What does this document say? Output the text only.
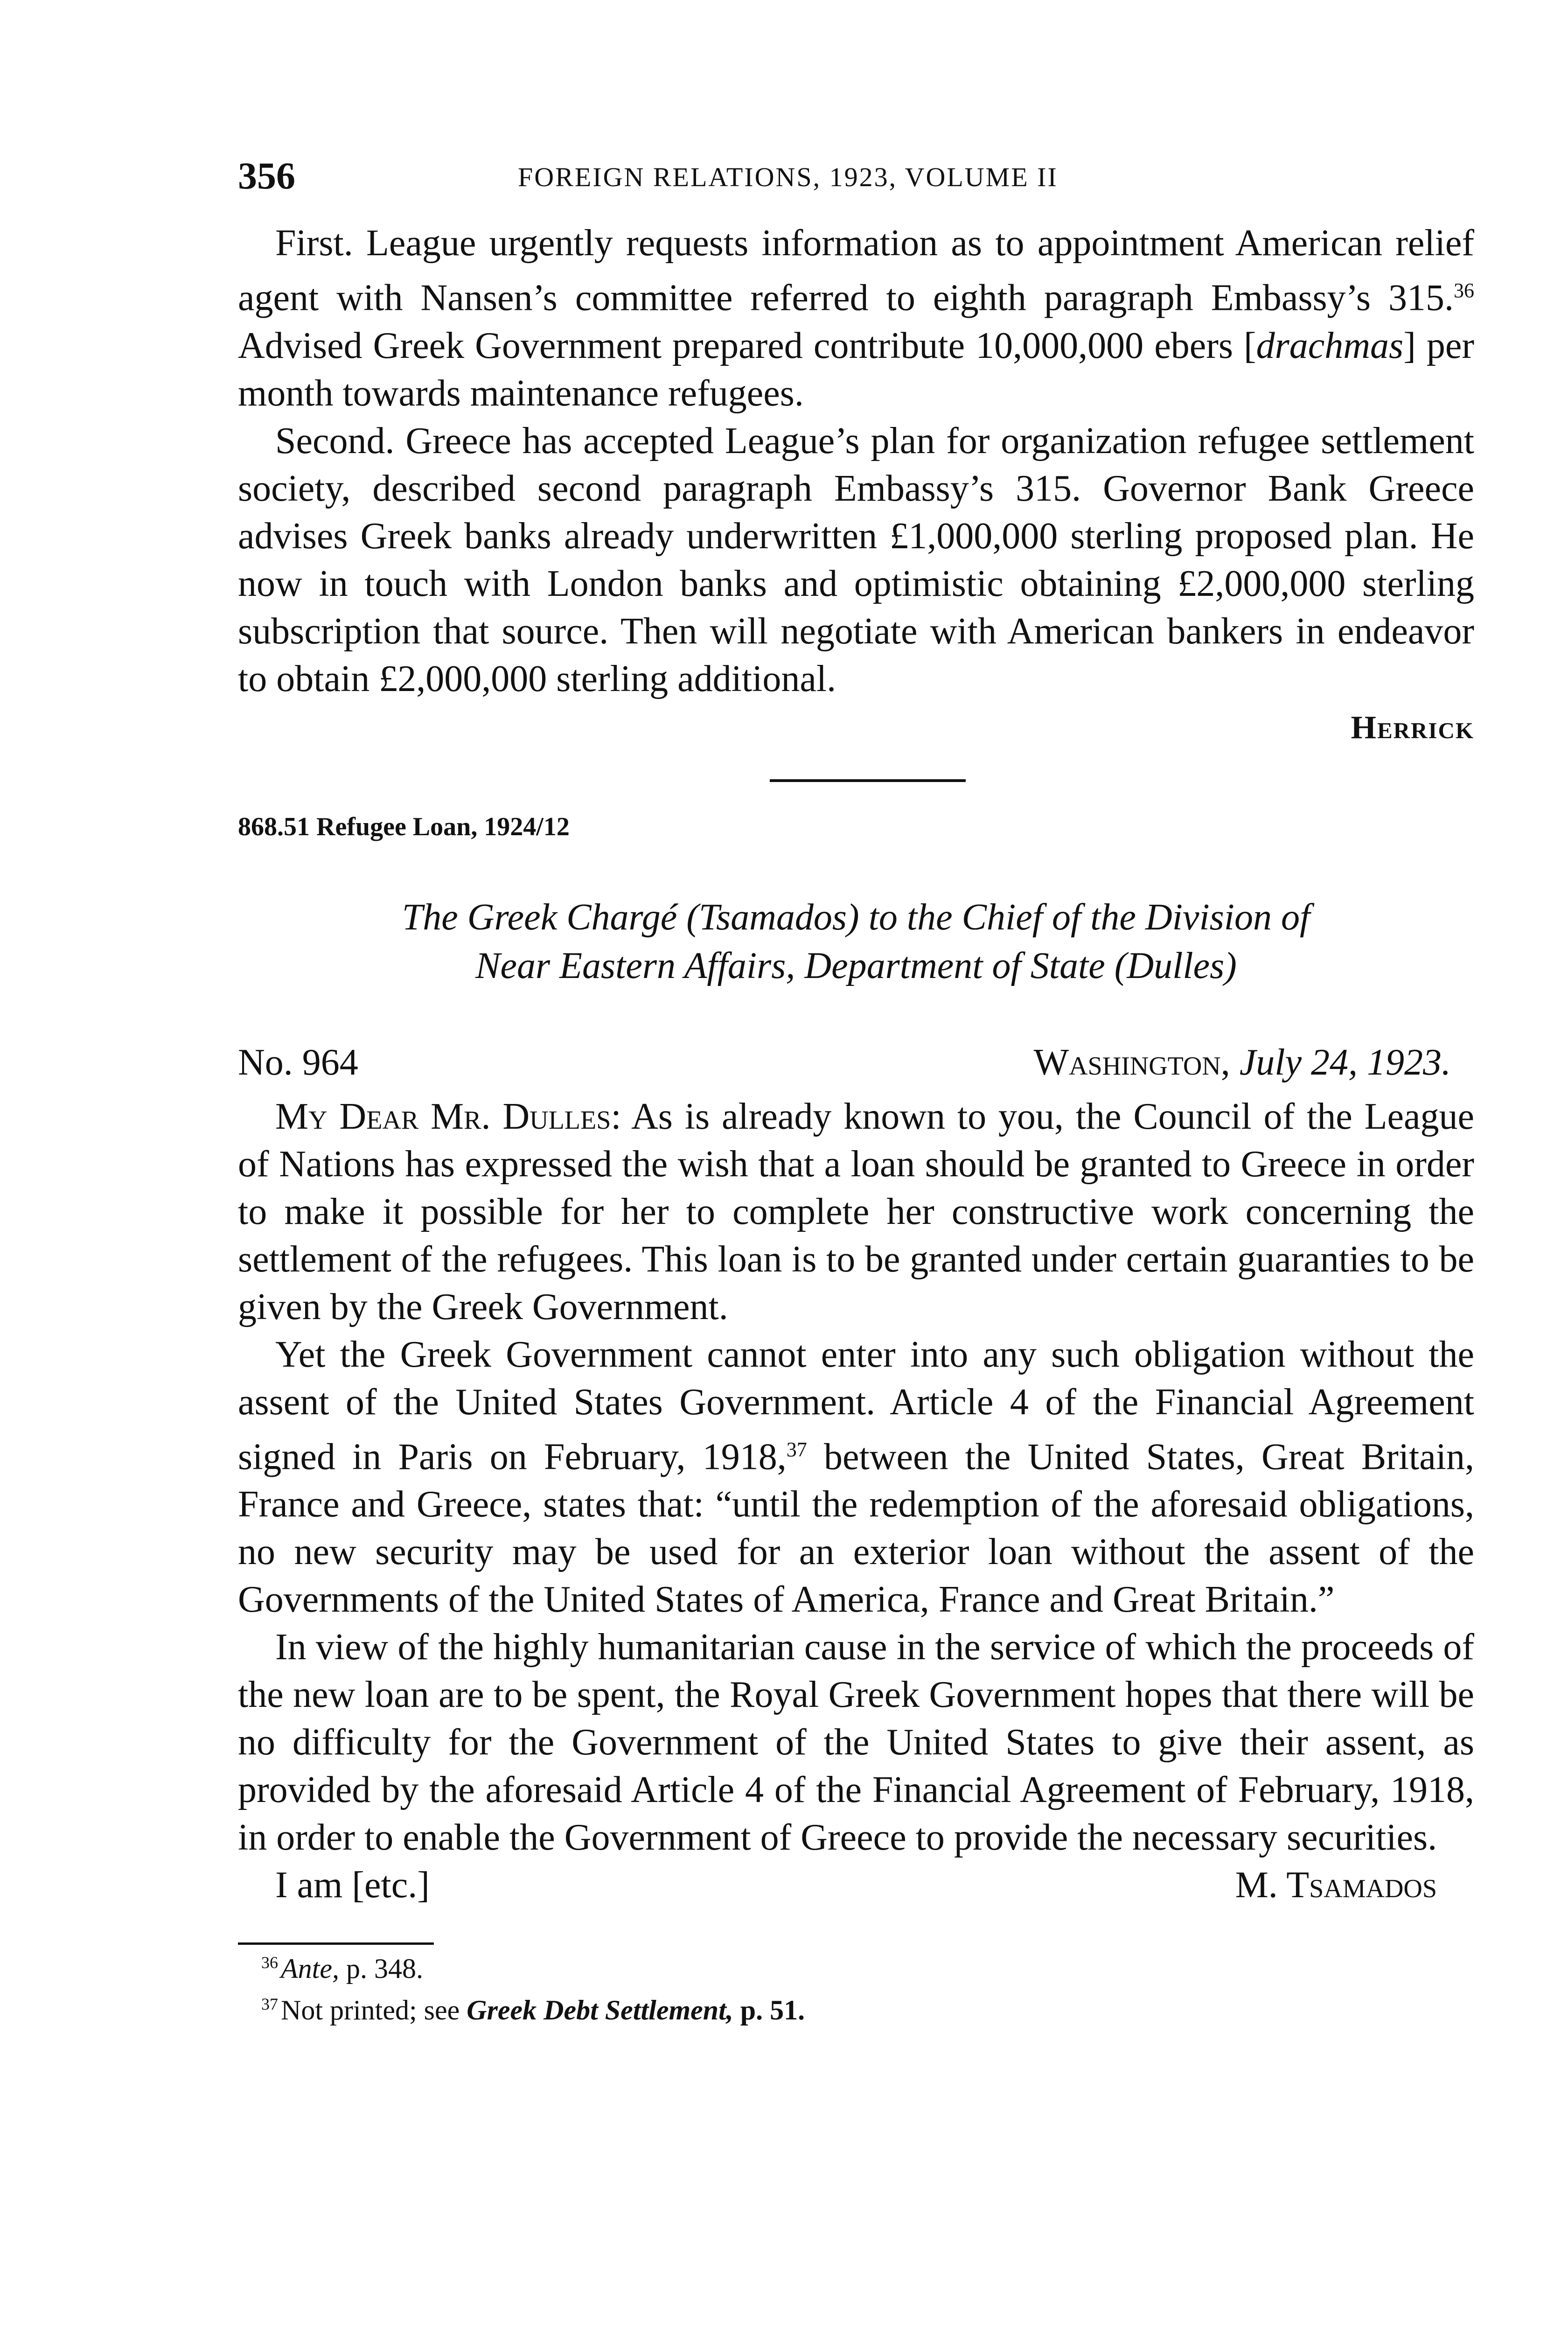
356	FOREIGN RELATIONS, 1923, VOLUME II

First. League urgently requests information as to appointment American relief agent with Nansen’s committee referred to eighth paragraph Embassy’s 315.36 Advised Greek Government prepared contribute 10,000,000 ebers [drachmas] per month towards maintenance refugees.

Second. Greece has accepted League’s plan for organization refugee settlement society, described second paragraph Embassy’s 315. Governor Bank Greece advises Greek banks already underwritten £1,000,000 sterling proposed plan. He now in touch with London banks and optimistic obtaining £2,000,000 sterling subscription that source. Then will negotiate with American bankers in endeavor to obtain £2,000,000 sterling additional.

Herrick
868.51 Refugee Loan, 1924/12
The Greek Chargé (Tsamados) to the Chief of the Division of
Near Eastern Affairs, Department of State (Dulles)
No. 964	Washington, July 24, 1923.

My Dear Mr. Dulles: As is already known to you, the Council of the League of Nations has expressed the wish that a loan should be granted to Greece in order to make it possible for her to complete her constructive work concerning the settlement of the refugees. This loan is to be granted under certain guaranties to be given by the Greek Government.

Yet the Greek Government cannot enter into any such obligation without the assent of the United States Government. Article 4 of the Financial Agreement signed in Paris on February, 1918,37 between the United States, Great Britain, France and Greece, states that: “until the redemption of the aforesaid obligations, no new security may be used for an exterior loan without the assent of the Governments of the United States of America, France and Great Britain.”

In view of the highly humanitarian cause in the service of which the proceeds of the new loan are to be spent, the Royal Greek Government hopes that there will be no difficulty for the Government of the United States to give their assent, as provided by the aforesaid Article 4 of the Financial Agreement of February, 1918, in order to enable the Government of Greece to provide the necessary securities.

I am [etc.]	M. Tsamados
$^{36}$ Ante, p. 348.
$^{37}$ Not printed; see Greek Debt Settlement, p. 51.
